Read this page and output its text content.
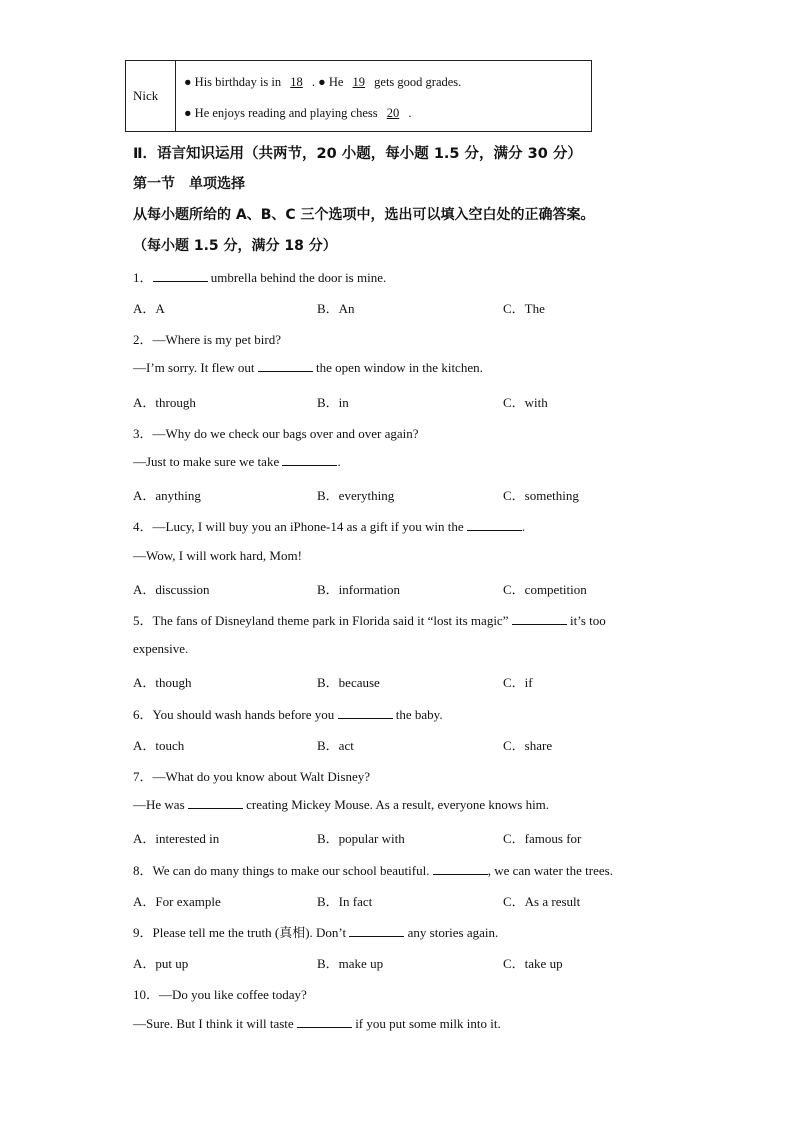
Nick
● His birthday is in 18 . ● He 19 gets good grades.
● He enjoys reading and playing chess 20 .
Ⅱ．语言知识运用（共两节，20 小题，每小题 1.5 分，满分 30 分）
第一节　单项选择
从每小题所给的 A、B、C 三个选项中，选出可以填入空白处的正确答案。
（每小题 1.5 分，满分 18 分）
1．	umbrella behind the door is mine.
A．A	B．An	C．The
2．—Where is my pet bird?
—I’m sorry. It flew out	the open window in the kitchen.
A．through	B．in	C．with
3．—Why do we check our bags over and over again?
—Just to make sure we take	.
A．anything	B．everything	C．something
4．—Lucy, I will buy you an iPhone-14 as a gift if you win the	.
—Wow, I will work hard, Mom!
A．discussion	B．information	C．competition
5．The fans of Disneyland theme park in Florida said it “lost its magic”	it’s too
expensive.
A．though	B．because	C．if
6．You should wash hands before you	the baby.
A．touch	B．act	C．share
7．—What do you know about Walt Disney?
—He was	creating Mickey Mouse. As a result, everyone knows him.
A．interested in	B．popular with	C．famous for
8．We can do many things to make our school beautiful.	, we can water the trees.
A．For example	B．In fact	C．As a result
9．Please tell me the truth (真相). Don’t	any stories again.
A．put up	B．make up	C．take up
10．—Do you like coffee today?
—Sure. But I think it will taste	if you put some milk into it.
